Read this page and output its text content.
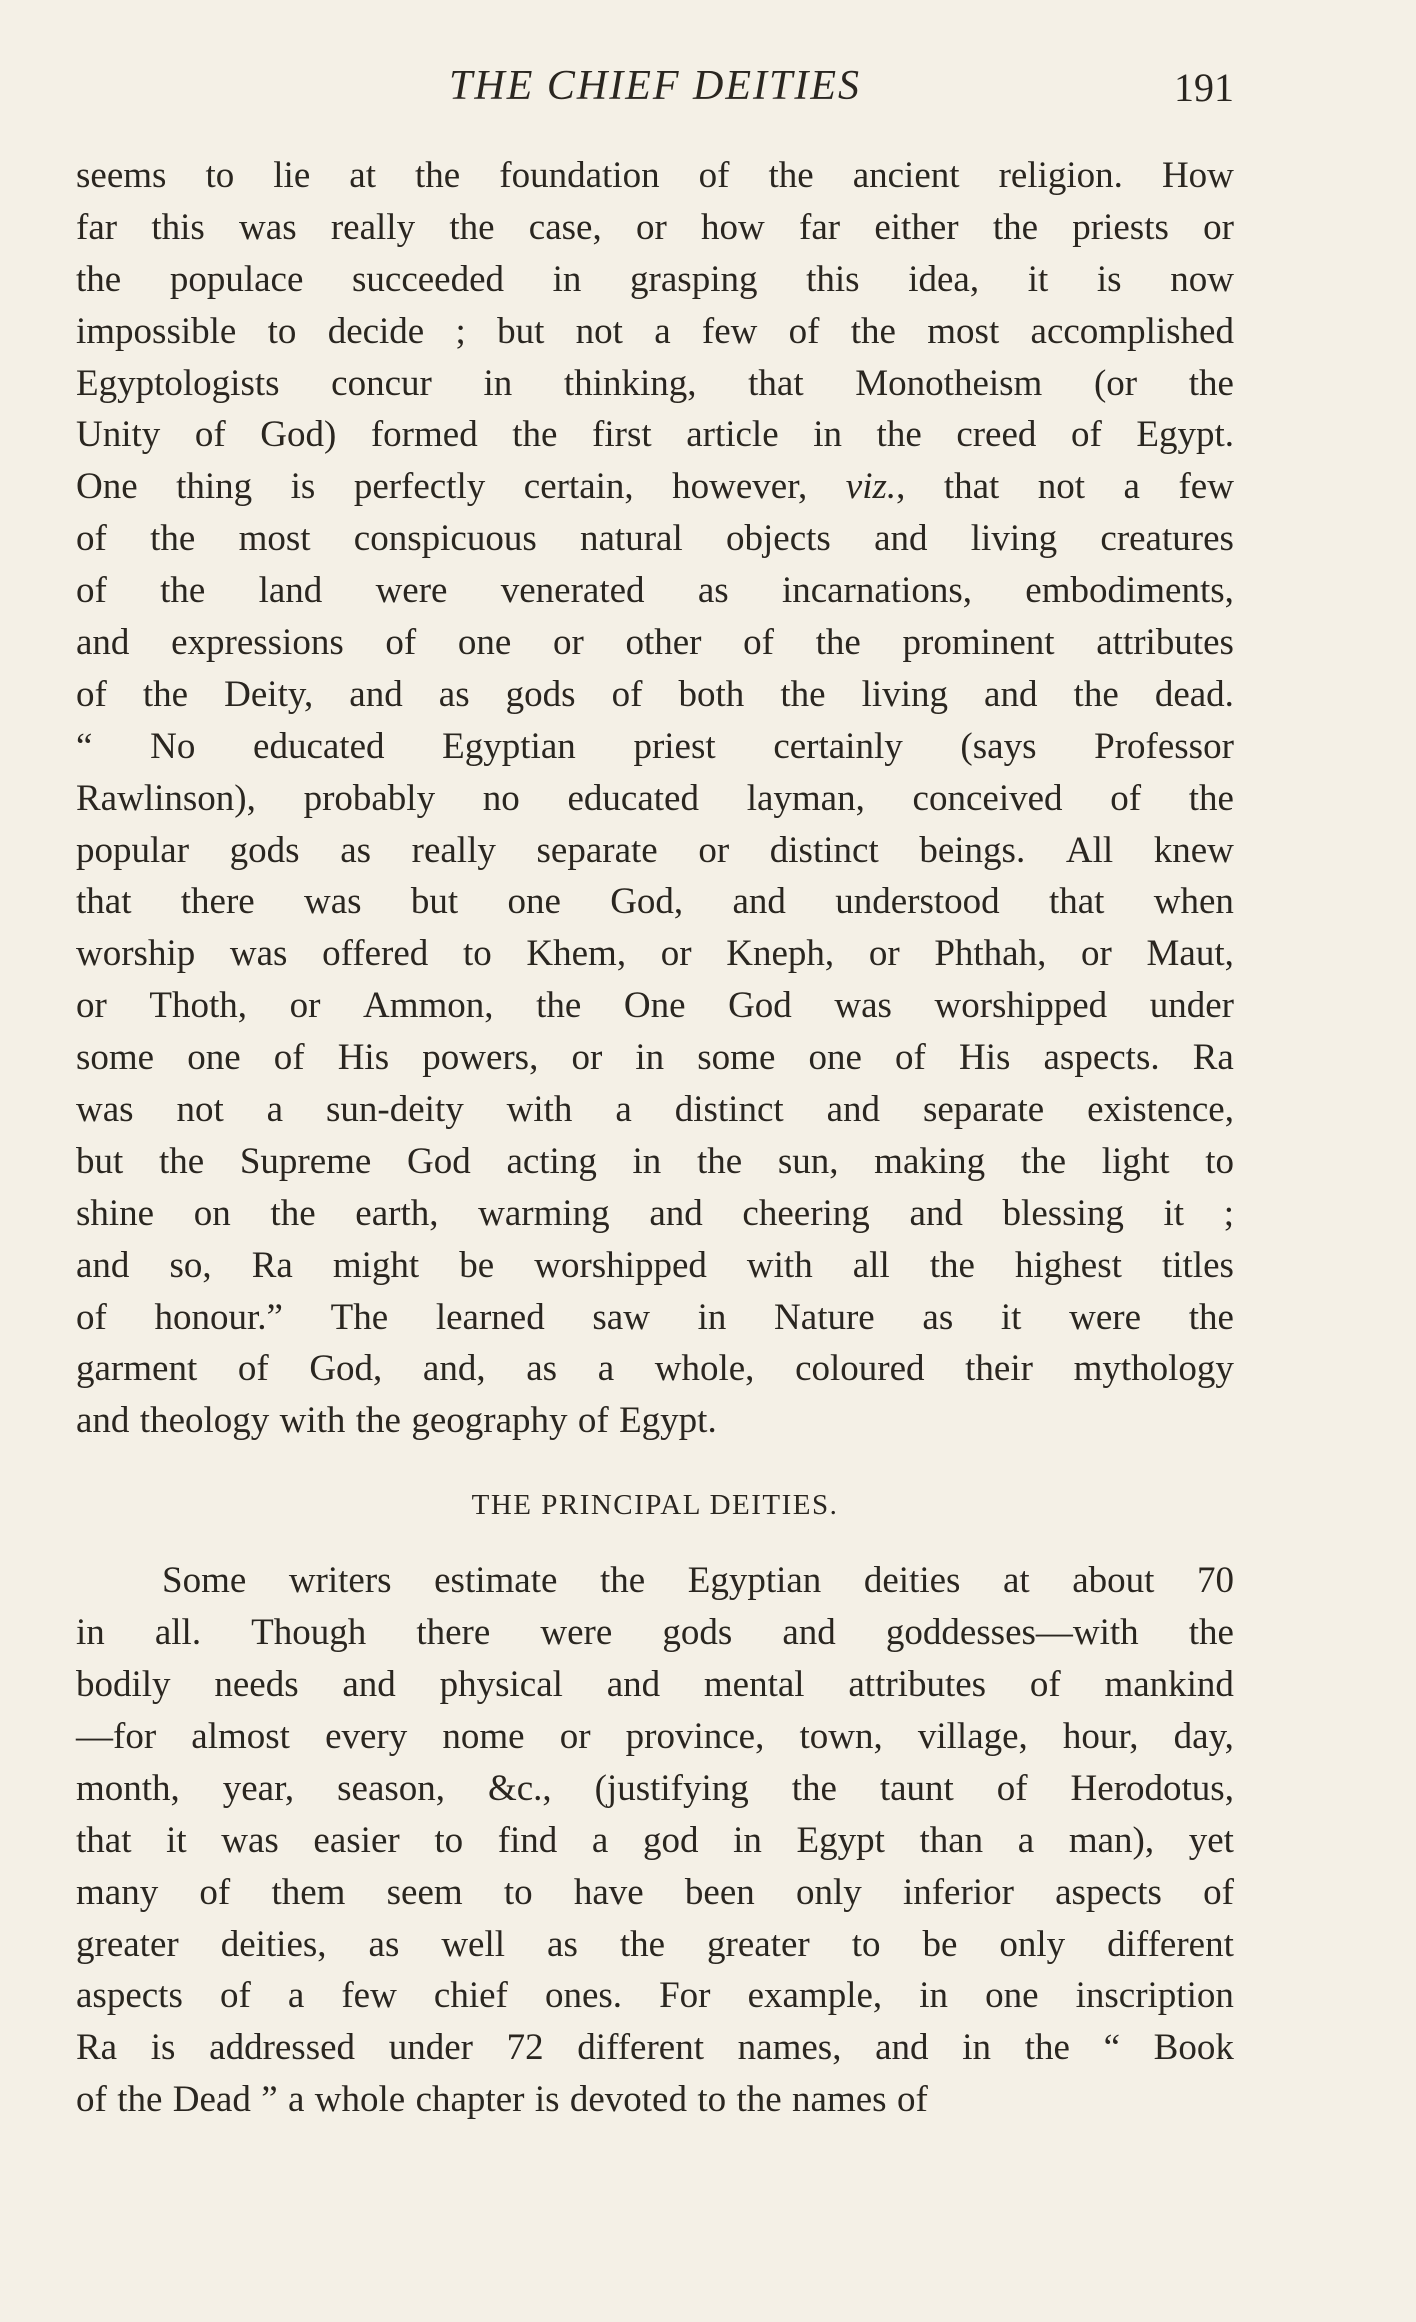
THE CHIEF DEITIES	191
seems to lie at the foundation of the ancient religion. How
far this was really the case, or how far either the priests or
the populace succeeded in grasping this idea, it is now
impossible to decide ; but not a few of the most accomplished
Egyptologists concur in thinking, that Monotheism (or the
Unity of God) formed the first article in the creed of Egypt.
One thing is perfectly certain, however, viz., that not a few
of the most conspicuous natural objects and living creatures
of the land were venerated as incarnations, embodiments,
and expressions of one or other of the prominent attributes
of the Deity, and as gods of both the living and the dead.
“ No educated Egyptian priest certainly (says Professor
Rawlinson), probably no educated layman, conceived of the
popular gods as really separate or distinct beings. All knew
that there was but one God, and understood that when
worship was offered to Khem, or Kneph, or Phthah, or Maut,
or Thoth, or Ammon, the One God was worshipped under
some one of His powers, or in some one of His aspects. Ra
was not a sun-deity with a distinct and separate existence,
but the Supreme God acting in the sun, making the light to
shine on the earth, warming and cheering and blessing it ;
and so, Ra might be worshipped with all the highest titles
of honour.” The learned saw in Nature as it were the
garment of God, and, as a whole, coloured their mythology
and theology with the geography of Egypt.
THE PRINCIPAL DEITIES.
Some writers estimate the Egyptian deities at about 70
in all. Though there were gods and goddesses—with the
bodily needs and physical and mental attributes of mankind
—for almost every nome or province, town, village, hour, day,
month, year, season, &c., (justifying the taunt of Herodotus,
that it was easier to find a god in Egypt than a man), yet
many of them seem to have been only inferior aspects of
greater deities, as well as the greater to be only different
aspects of a few chief ones. For example, in one inscription
Ra is addressed under 72 different names, and in the “ Book
of the Dead ” a whole chapter is devoted to the names of
